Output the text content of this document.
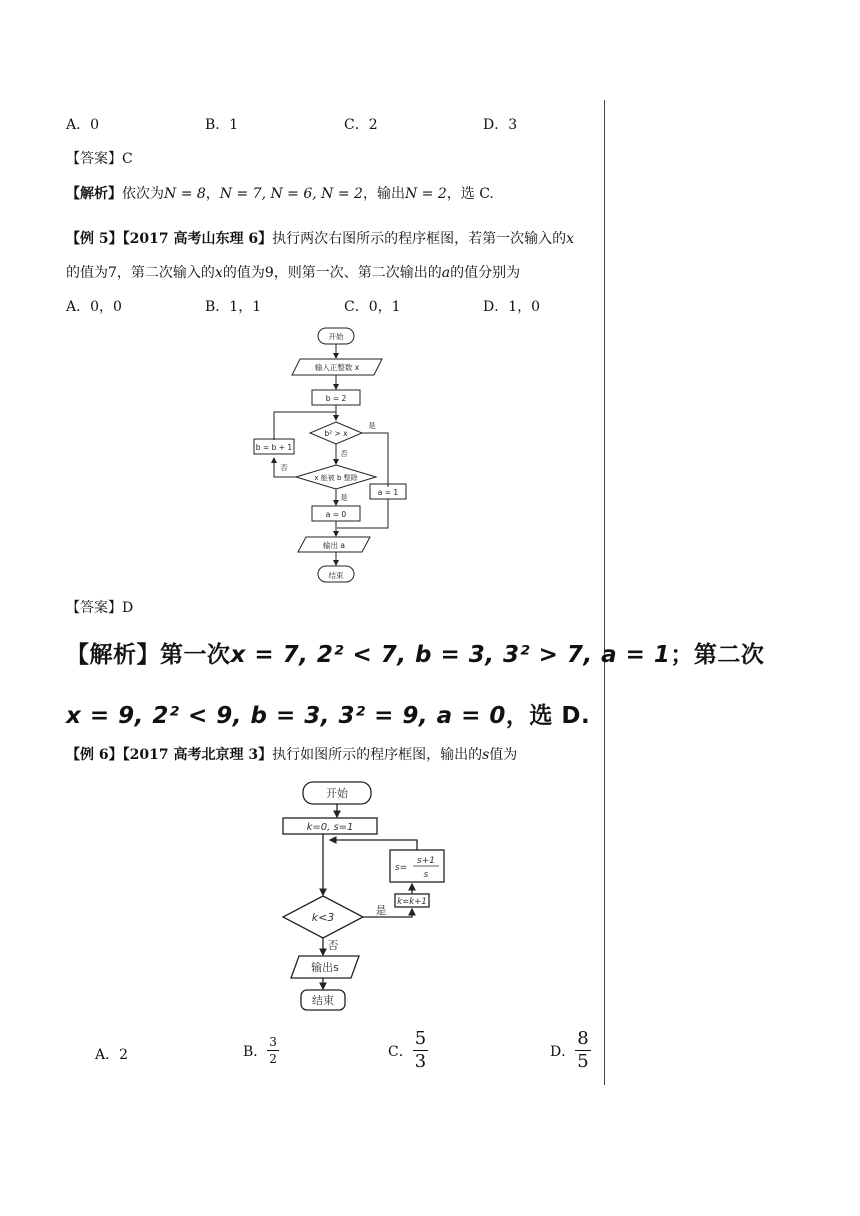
A．0	B．1	C．2	D．3
【答案】C
【解析】依次为N = 8，N = 7, N = 6, N = 2，输出N = 2，选 C.
【例 5】【2017 高考山东理 6】执行两次右图所示的程序框图，若第一次输入的x
的值为7，第二次输入的x的值为9，则第一次、第二次输出的a的值分别为
A．0，0	B．1，1	C．0，1	D．1，0
开始
输入正整数 x
b = 2
b² > x
x 能被 b 整除
b = b + 1
a = 1
a = 0
输出 a
结束
是
否
否
是
【答案】D
【解析】第一次x = 7, 2² < 7, b = 3, 3² > 7, a = 1；第二次
x = 9, 2² < 9, b = 3, 3² = 9, a = 0，选 D.
【例 6】【2017 高考北京理 3】执行如图所示的程序框图，输出的s值为
开始
k=0, s=1
s=
s+1
s
k=k+1
k<3
是
否
输出s
结束
A．2	B． $\frac{3}{2}$	C． $\frac{5}{3}$	D． $\frac{8}{5}$
